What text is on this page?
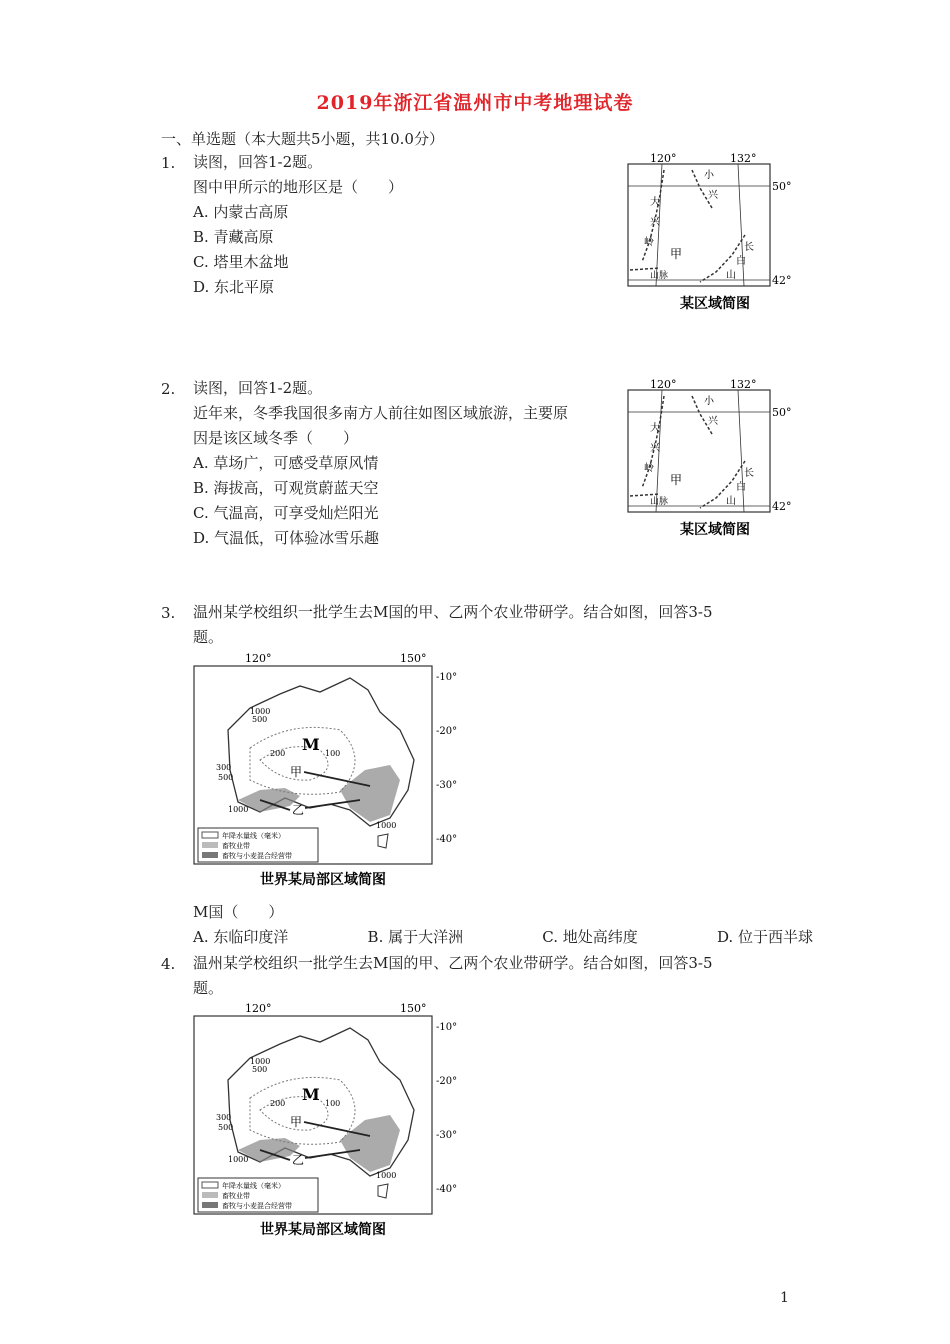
2019年浙江省温州市中考地理试卷
一、单选题（本大题共5小题，共10.0分）
1. 读图，回答1-2题。
图中甲所示的地形区是（　　）
A. 内蒙古高原
B. 青藏高原
C. 塔里木盆地
D. 东北平原
120°	132°
50°
42°
大
兴
岭
小
兴
甲	长
白
山
山脉
某区域简图
2. 读图，回答1-2题。
近年来，冬季我国很多南方人前往如图区域旅游，主要原
因是该区域冬季（　　）
A. 草场广，可感受草原风情
B. 海拔高，可观赏蔚蓝天空
C. 气温高，可享受灿烂阳光
D. 气温低，可体验冰雪乐趣
120°	132°
50°
42°
大
兴
岭
小
兴
甲	长
白
山
山脉
某区域简图
3. 温州某学校组织一批学生去M国的甲、乙两个农业带研学。结合如图，回答3-5
题。
120°	150°
-10°
-20°
-30°
-40°
1000
500
200	100
300
500
1000
1000
M
甲
乙
年降水量线（毫米）
畜牧业带
畜牧与小麦混合经营带
世界某局部区域简图
M国（　　）
A. 东临印度洋	B. 属于大洋洲	C. 地处高纬度	D. 位于西半球
4. 温州某学校组织一批学生去M国的甲、乙两个农业带研学。结合如图，回答3-5
题。
120°	150°
-10°
-20°
-30°
-40°
1000
500
200	100
300
500
1000
1000
M
甲
乙
年降水量线（毫米）
畜牧业带
畜牧与小麦混合经营带
世界某局部区域简图
1
